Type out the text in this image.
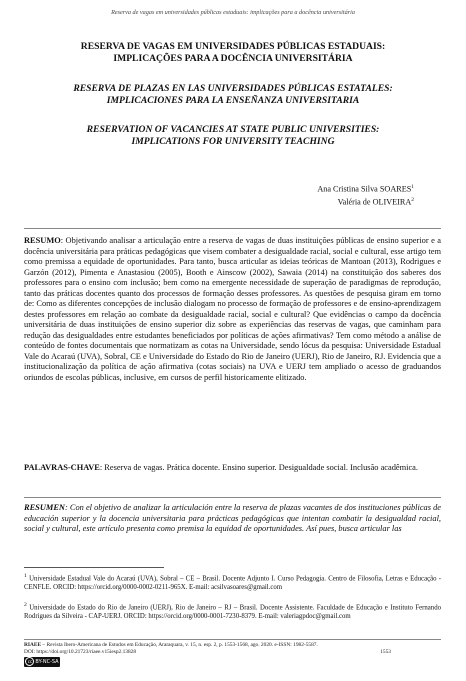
Reserva de vagas em universidades públicas estaduais: implicações para a docência universitária
RESERVA DE VAGAS EM UNIVERSIDADES PÚBLICAS ESTADUAIS:
IMPLICAÇÕES PARA A DOCÊNCIA UNIVERSITÁRIA
RESERVA DE PLAZAS EN LAS UNIVERSIDADES PÚBLICAS ESTATALES:
IMPLICACIONES PARA LA ENSEÑANZA UNIVERSITARIA
RESERVATION OF VACANCIES AT STATE PUBLIC UNIVERSITIES:
IMPLICATIONS FOR UNIVERSITY TEACHING
Ana Cristina Silva SOARES$^1$
Valéria de OLIVEIRA$^2$
RESUMO: Objetivando analisar a articulação entre a reserva de vagas de duas instituições públicas de ensino superior e a docência universitária para práticas pedagógicas que visem combater a desigualdade racial, social e cultural, esse artigo tem como premissa a equidade de oportunidades. Para tanto, busca articular as ideias teóricas de Mantoan (2013), Rodrigues e Garzón (2012), Pimenta e Anastasiou (2005), Booth e Ainscow (2002), Sawaia (2014) na constituição dos saberes dos professores para o ensino com inclusão; bem como na emergente necessidade de superação de paradigmas de reprodução, tanto das práticas docentes quanto dos processos de formação desses professores. As questões de pesquisa giram em torno de: Como as diferentes concepções de inclusão dialogam no processo de formação de professores e de ensino-aprendizagem destes professores em relação ao combate da desigualdade racial, social e cultural? Que evidências o campo da docência universitária de duas instituições de ensino superior diz sobre as experiências das reservas de vagas, que caminham para redução das desigualdades entre estudantes beneficiados por políticas de ações afirmativas? Tem como método a análise de conteúdo de fontes documentais que normatizam as cotas na Universidade, sendo lócus da pesquisa: Universidade Estadual Vale do Acaraú (UVA), Sobral, CE e Universidade do Estado do Rio de Janeiro (UERJ), Rio de Janeiro, RJ. Evidencia que a institucionalização da política de ação afirmativa (cotas sociais) na UVA e UERJ tem ampliado o acesso de graduandos oriundos de escolas públicas, inclusive, em cursos de perfil historicamente elitizado.
PALAVRAS-CHAVE: Reserva de vagas. Prática docente. Ensino superior. Desigualdade social. Inclusão acadêmica.
RESUMEN: Con el objetivo de analizar la articulación entre la reserva de plazas vacantes de dos instituciones públicas de educación superior y la docencia universitaria para prácticas pedagógicas que intentan combatir la desigualdad racial, social y cultural, este artículo presenta como premisa la equidad de oportunidades. Así pues, busca articular las
$^1$ Universidade Estadual Vale do Acaraú (UVA), Sobral – CE – Brasil. Docente Adjunto I. Curso Pedagogia. Centro de Filosofia, Letras e Educação - CENFLE. ORCID: https://orcid.org/0000-0002-0211-965X. E-mail: acsilvasoares@gmail.com
$^2$ Universidade do Estado do Rio de Janeiro (UERJ), Rio de Janeiro – RJ – Brasil. Docente Assistente. Faculdade de Educação e Instituto Fernando Rodrigues da Silveira - CAP-UERJ. ORCID: https://orcid.org/0000-0001-7230-8379. E-mail: valeriagpdoc@gmail.com
RIAEE – Revista Ibero-Americana de Estudos em Educação, Araraquara, v. 15, n. esp. 2, p. 1553-1568, ago. 2020. e-ISSN: 1982-5587.
DOI: https://doi.org/10.21723/riaee.v15iesp2.13828	1553
cc BY-NC-SA
